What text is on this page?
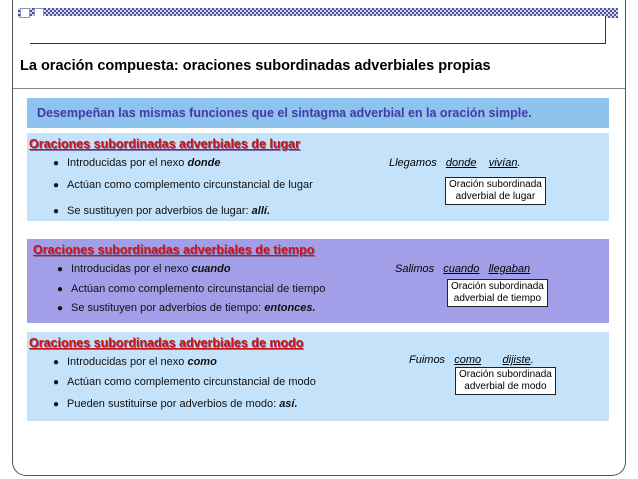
La oración compuesta: oraciones subordinadas adverbiales propias
Desempeñan las mismas funciones que el sintagma adverbial en la oración simple.
Oraciones subordinadas adverbiales de lugar
● Introducidas por el nexo donde
● Actúan como complemento circunstancial de lugar
● Se sustituyen por adverbios de lugar: allí.
Llegamos donde vivían.
Oración subordinada
adverbial de lugar
Oraciones subordinadas adverbiales de tiempo
● Introducidas por el nexo cuando
● Actúan como complemento circunstancial de tiempo
● Se sustituyen por adverbios de tiempo: entonces.
Salimos cuando llegaban
Oración subordinada
adverbial de tiempo
Oraciones subordinadas adverbiales de modo
● Introducidas por el nexo como
● Actúan como complemento circunstancial de modo
● Pueden sustituirse por adverbios de modo: así.
Fuimos como dijiste.
Oración subordinada
adverbial de modo
